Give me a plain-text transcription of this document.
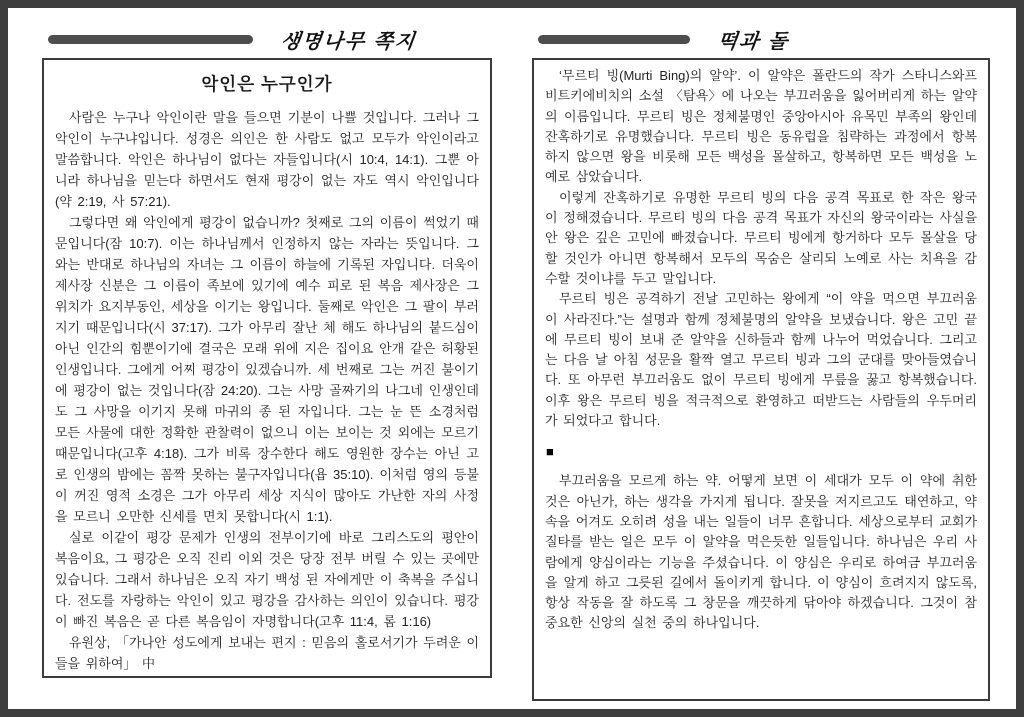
생명나무 쪽지
악인은 누구인가

사람은 누구나 악인이란 말을 들으면 기분이 나쁠 것입니다. 그러나 그 악인이 누구냐입니다. 성경은 의인은 한 사람도 없고 모두가 악인이라고 말씀합니다. 악인은 하나님이 없다는 자들입니다(시 10:4, 14:1). 그뿐 아니라 하나님을 믿는다 하면서도 현재 평강이 없는 자도 역시 악인입니다(약 2:19, 사 57:21).

그렇다면 왜 악인에게 평강이 없습니까? 첫째로 그의 이름이 썩었기 때문입니다(잠 10:7). 이는 하나님께서 인정하지 않는 자라는 뜻입니다. 그와는 반대로 하나님의 자녀는 그 이름이 하늘에 기록된 자입니다. 더욱이 제사장 신분은 그 이름이 족보에 있기에 예수 피로 된 복음 제사장은 그 위치가 요지부동인, 세상을 이기는 왕입니다. 둘째로 악인은 그 팔이 부러지기 때문입니다(시 37:17). 그가 아무리 잘난 체 해도 하나님의 붙드심이 아닌 인간의 힘뿐이기에 결국은 모래 위에 지은 집이요 안개 같은 허황된 인생입니다. 그에게 어찌 평강이 있겠습니까. 세 번째로 그는 꺼진 불이기에 평강이 없는 것입니다(잠 24:20). 그는 사망 골짜기의 나그네 인생인데도 그 사망을 이기지 못해 마귀의 종 된 자입니다. 그는 눈 뜬 소경처럼 모든 사물에 대한 정확한 관찰력이 없으니 이는 보이는 것 외에는 모르기 때문입니다(고후 4:18). 그가 비록 장수한다 해도 영원한 장수는 아닌 고로 인생의 밤에는 꼼짝 못하는 불구자입니다(욥 35:10). 이처럼 영의 등불이 꺼진 영적 소경은 그가 아무리 세상 지식이 많아도 가난한 자의 사정을 모르니 오만한 신세를 면치 못합니다(시 1:1).

실로 이같이 평강 문제가 인생의 전부이기에 바로 그리스도의 평안이 복음이요, 그 평강은 오직 진리 이외 것은 당장 전부 버릴 수 있는 곳에만 있습니다. 그래서 하나님은 오직 자기 백성 된 자에게만 이 축복을 주십니다. 전도를 자랑하는 악인이 있고 평강을 감사하는 의인이 있습니다. 평강이 빠진 복음은 곧 다른 복음임이 자명합니다(고후 11:4, 롬 1:16)

유원상, 「가나안 성도에게 보내는 편지 : 믿음의 홀로서기가 두려운 이들을 위하여」 中

떡과 돌

‘무르티 빙(Murti Bing)의 알약’. 이 알약은 폴란드의 작가 스타니스와프 비트키에비치의 소설 〈탐욕〉에 나오는 부끄러움을 잃어버리게 하는 알약의 이름입니다. 무르티 빙은 정체불명인 중앙아시아 유목민 부족의 왕인데 잔혹하기로 유명했습니다. 무르티 빙은 동유럽을 침략하는 과정에서 항복하지 않으면 왕을 비롯해 모든 백성을 몰살하고, 항복하면 모든 백성을 노예로 삼았습니다.

이렇게 잔혹하기로 유명한 무르티 빙의 다음 공격 목표로 한 작은 왕국이 정해졌습니다. 무르티 빙의 다음 공격 목표가 자신의 왕국이라는 사실을 안 왕은 깊은 고민에 빠졌습니다. 무르티 빙에게 항거하다 모두 몰살을 당할 것인가 아니면 항복해서 모두의 목숨은 살리되 노예로 사는 치욕을 감수할 것이냐를 두고 말입니다.

무르티 빙은 공격하기 전날 고민하는 왕에게 “이 약을 먹으면 부끄러움이 사라진다.”는 설명과 함께 정체불명의 알약을 보냈습니다. 왕은 고민 끝에 무르티 빙이 보내 준 알약을 신하들과 함께 나누어 먹었습니다. 그리고는 다음 날 아침 성문을 활짝 열고 무르티 빙과 그의 군대를 맞아들였습니다. 또 아무런 부끄러움도 없이 무르티 빙에게 무릎을 꿇고 항복했습니다. 이후 왕은 무르티 빙을 적극적으로 환영하고 떠받드는 사람들의 우두머리가 되었다고 합니다.

■

부끄러움을 모르게 하는 약. 어떻게 보면 이 세대가 모두 이 약에 취한 것은 아닌가, 하는 생각을 가지게 됩니다. 잘못을 저지르고도 태연하고, 약속을 어겨도 오히려 성을 내는 일들이 너무 흔합니다. 세상으로부터 교회가 질타를 받는 일은 모두 이 알약을 먹은듯한 일들입니다. 하나님은 우리 사람에게 양심이라는 기능을 주셨습니다. 이 양심은 우리로 하여금 부끄러움을 알게 하고 그릇된 길에서 돌이키게 합니다. 이 양심이 흐려지지 않도록, 항상 작동을 잘 하도록 그 창문을 깨끗하게 닦아야 하겠습니다. 그것이 참 중요한 신앙의 실천 중의 하나입니다.
